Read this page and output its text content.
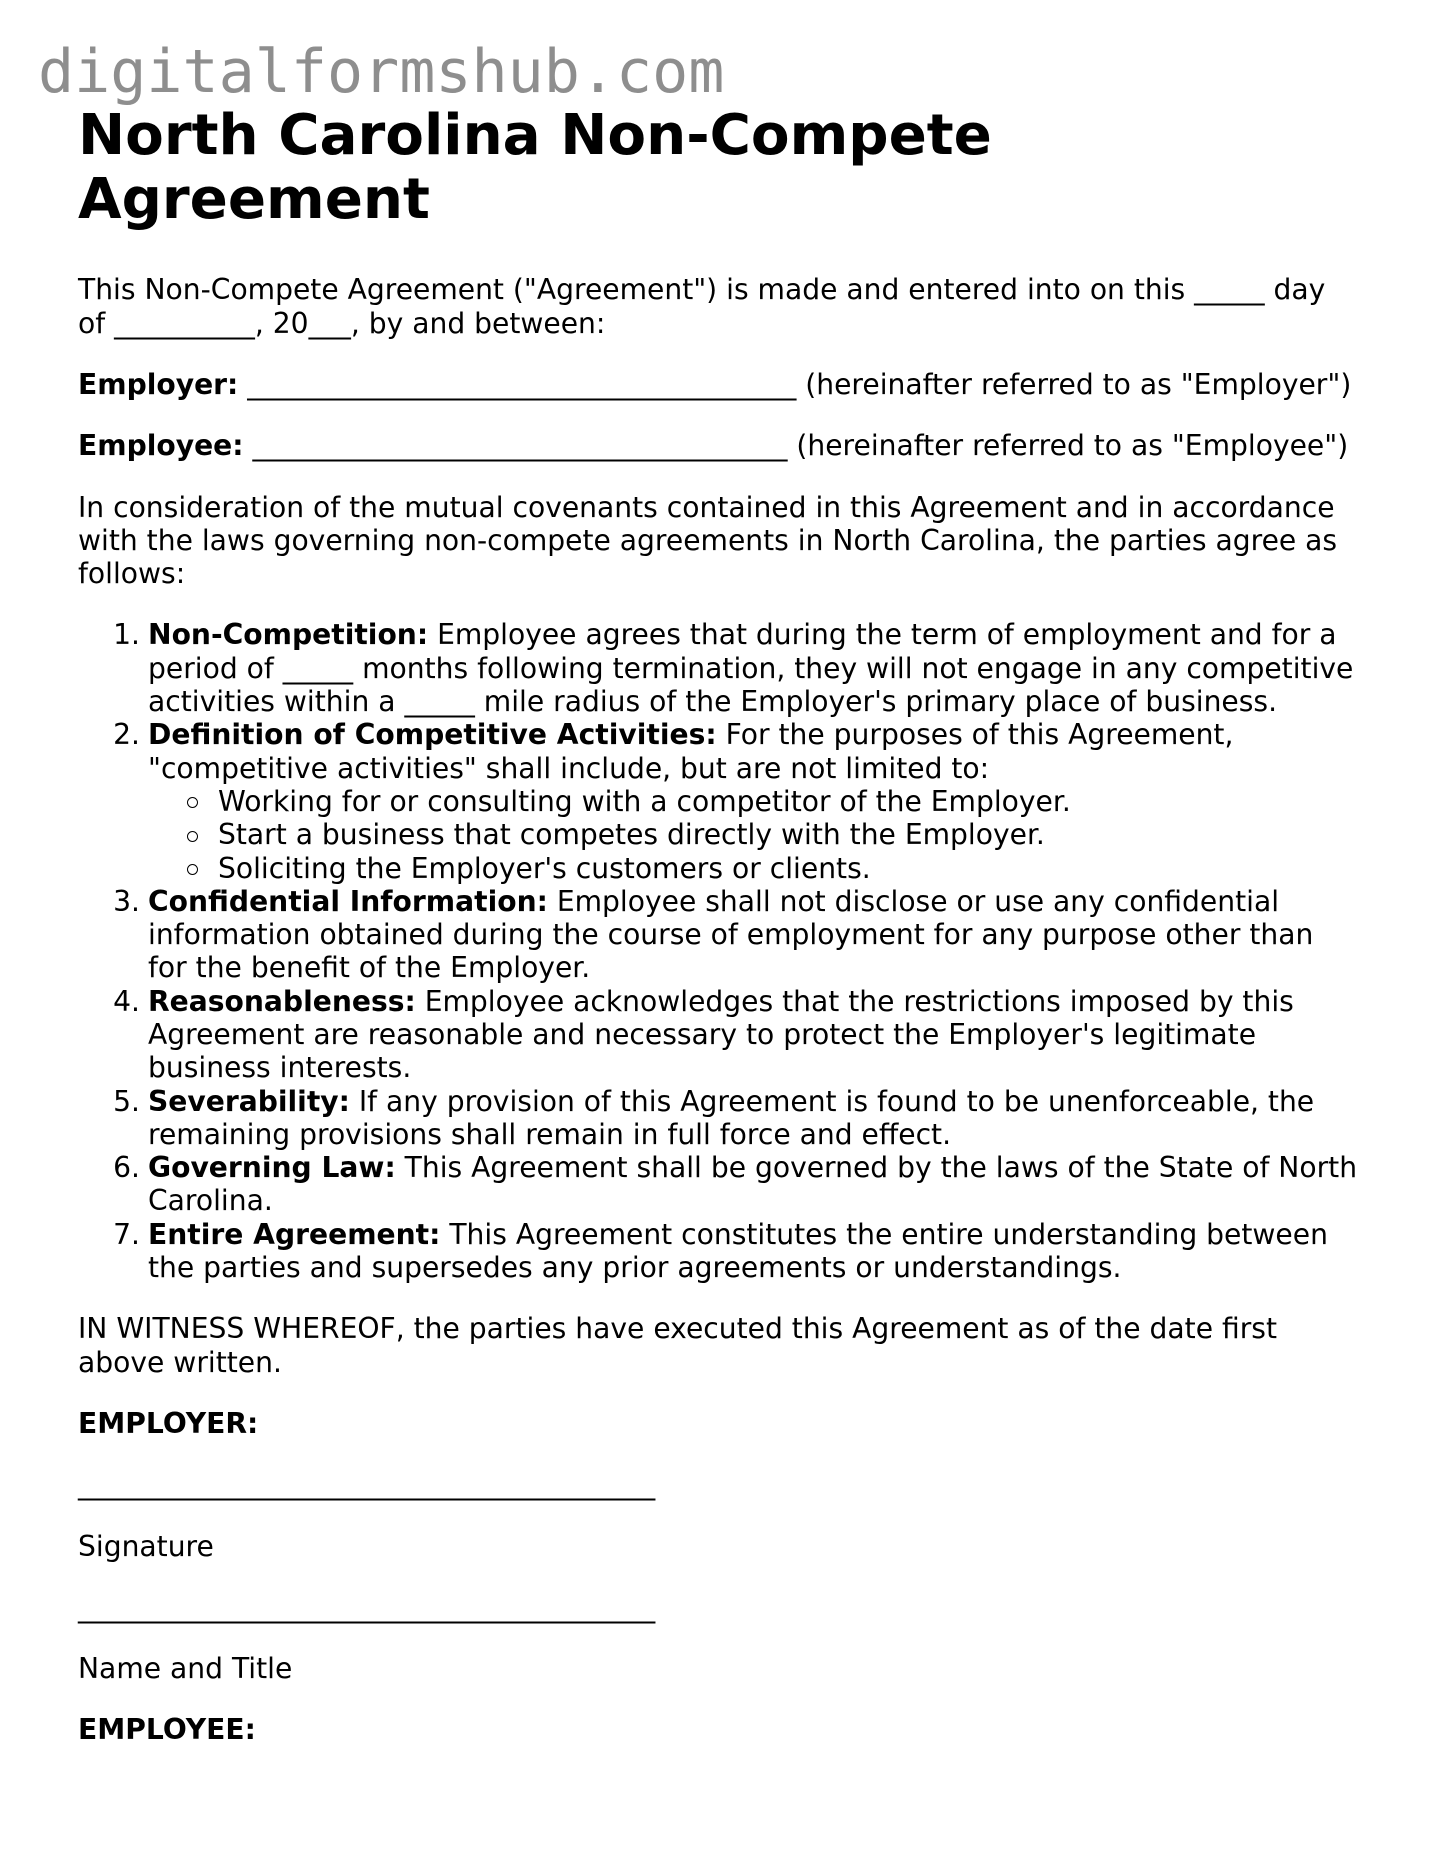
digitalformshub.com
North Carolina Non-Compete Agreement

This Non-Compete Agreement ("Agreement") is made and entered into on this _____ day
of __________, 20___, by and between:

Employer: _______________________________________ (hereinafter referred to as "Employer")

Employee: ______________________________________ (hereinafter referred to as "Employee")

In consideration of the mutual covenants contained in this Agreement and in accordance
with the laws governing non-compete agreements in North Carolina, the parties agree as
follows:

1. Non-Competition: Employee agrees that during the term of employment and for a
period of _____ months following termination, they will not engage in any competitive
activities within a _____ mile radius of the Employer's primary place of business.
2. Definition of Competitive Activities: For the purposes of this Agreement,
"competitive activities" shall include, but are not limited to:
Working for or consulting with a competitor of the Employer.
Start a business that competes directly with the Employer.
Soliciting the Employer's customers or clients.
3. Confidential Information: Employee shall not disclose or use any confidential
information obtained during the course of employment for any purpose other than
for the benefit of the Employer.
4. Reasonableness: Employee acknowledges that the restrictions imposed by this
Agreement are reasonable and necessary to protect the Employer's legitimate
business interests.
5. Severability: If any provision of this Agreement is found to be unenforceable, the
remaining provisions shall remain in full force and effect.
6. Governing Law: This Agreement shall be governed by the laws of the State of North
Carolina.
7. Entire Agreement: This Agreement constitutes the entire understanding between
the parties and supersedes any prior agreements or understandings.

IN WITNESS WHEREOF, the parties have executed this Agreement as of the date first
above written.

EMPLOYER:

_________________________________________

Signature

_________________________________________

Name and Title

EMPLOYEE:
